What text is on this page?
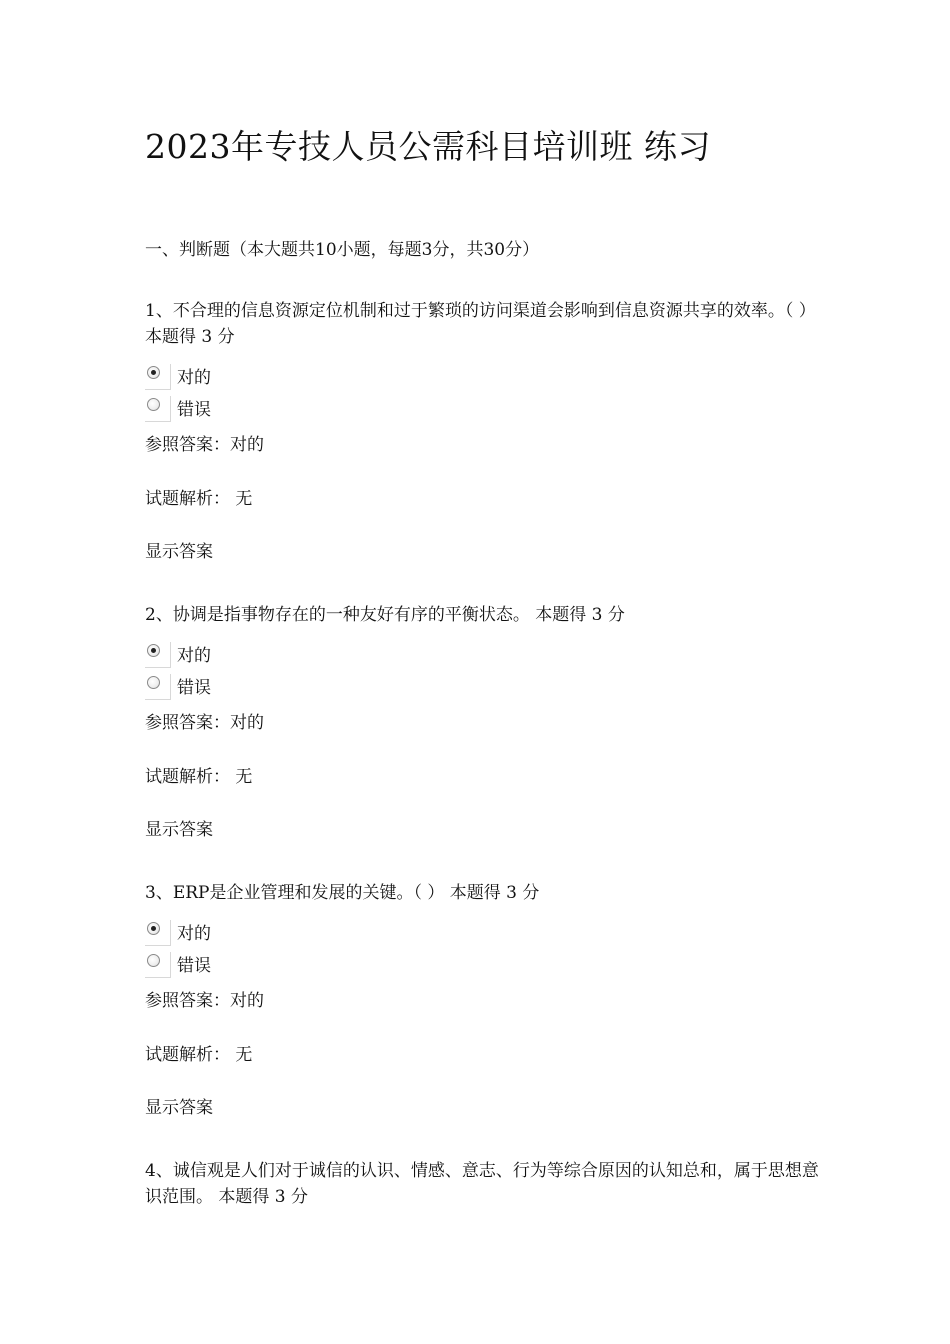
2023年专技人员公需科目培训班 练习
一、判断题（本大题共10小题，每题3分，共30分）
1、不合理的信息资源定位机制和过于繁琐的访问渠道会影响到信息资源共享的效率。（ ） 本题得 3 分
对的
错误
参照答案：对的
试题解析： 无
显示答案
2、协调是指事物存在的一种友好有序的平衡状态。 本题得 3 分
对的
错误
参照答案：对的
试题解析： 无
显示答案
3、ERP是企业管理和发展的关键。（ ） 本题得 3 分
对的
错误
参照答案：对的
试题解析： 无
显示答案
4、诚信观是人们对于诚信的认识、情感、意志、行为等综合原因的认知总和，属于思想意识范围。 本题得 3 分
